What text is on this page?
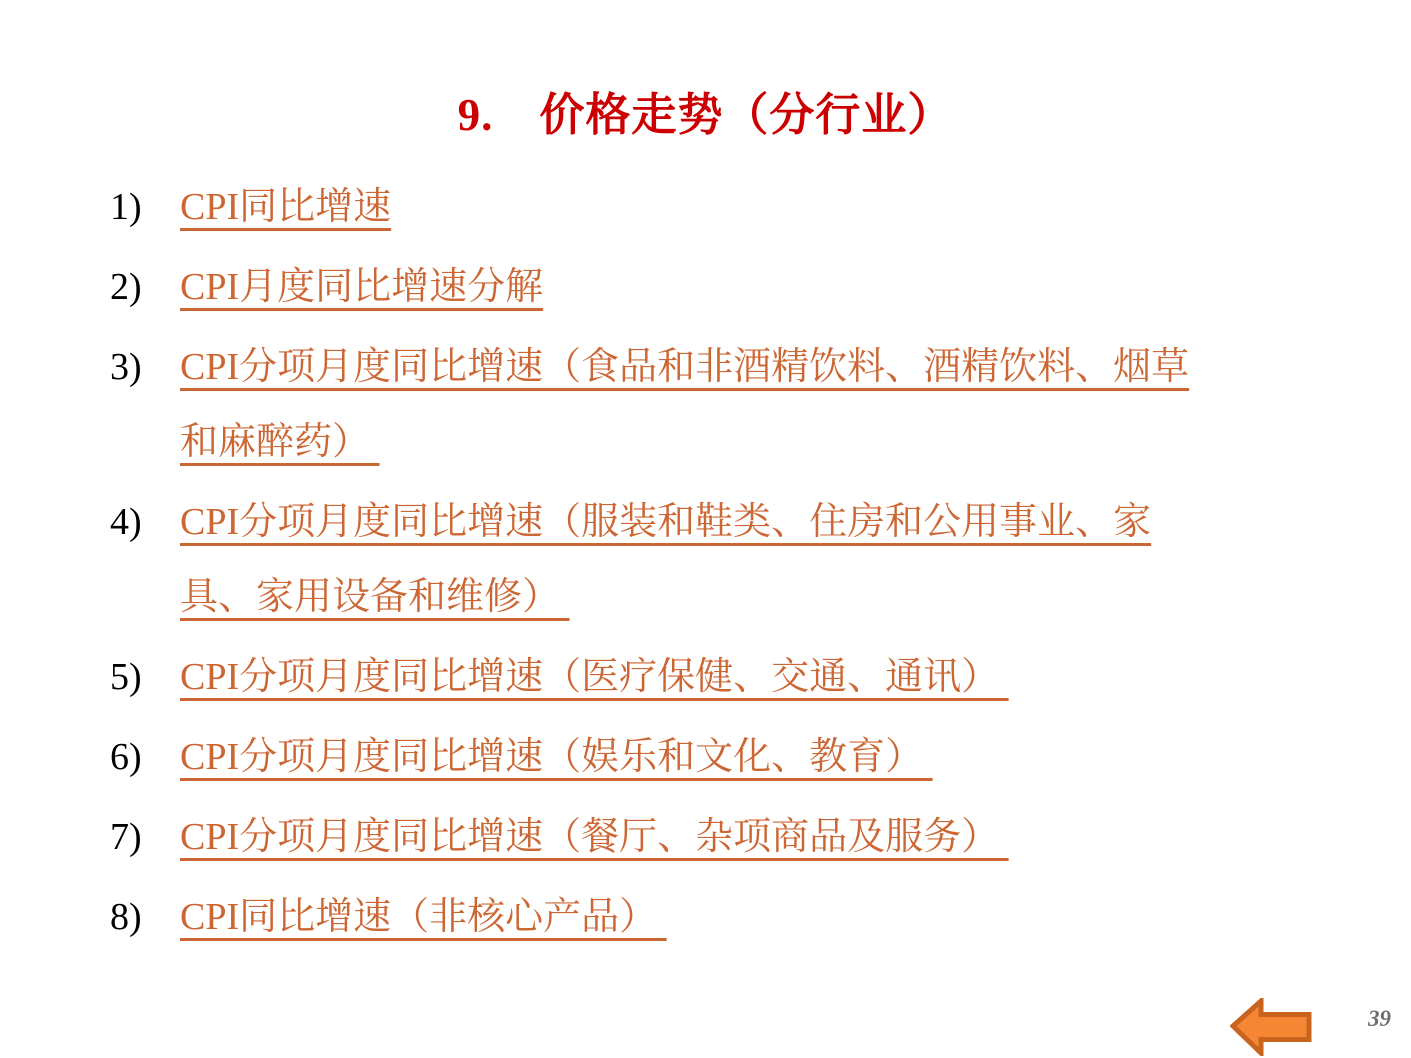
9.　价格走势（分行业）
1)	CPI同比增速
2)	CPI月度同比增速分解
3)	CPI分项月度同比增速（食品和非酒精饮料、酒精饮料、烟草和麻醉药）
4)	CPI分项月度同比增速（服装和鞋类、住房和公用事业、家具、家用设备和维修）
5)	CPI分项月度同比增速（医疗保健、交通、通讯）
6)	CPI分项月度同比增速（娱乐和文化、教育）
7)	CPI分项月度同比增速（餐厅、杂项商品及服务）
8)	CPI同比增速（非核心产品）
39
